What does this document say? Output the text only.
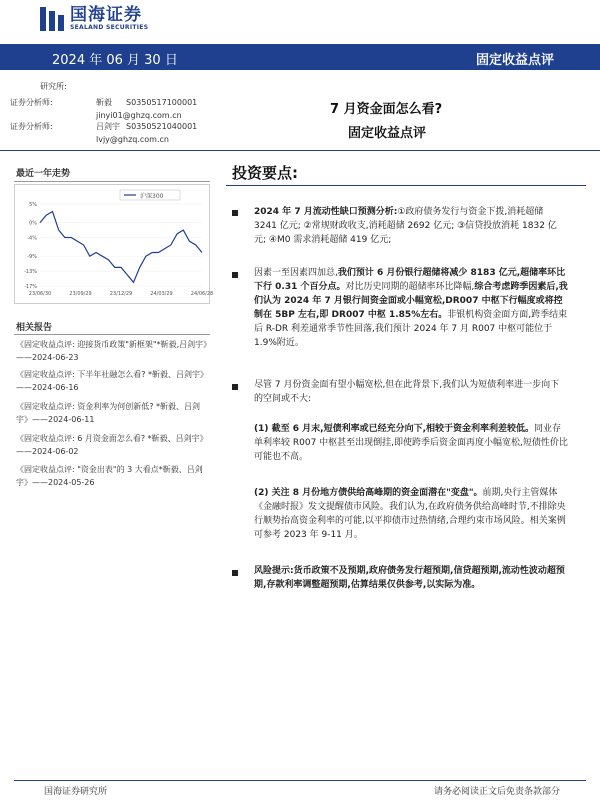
国海证券
SEALAND SECURITIES
2024 年 06 月 30 日	固定收益点评
研究所:
证券分析师:	靳毅 S0350517100001
jinyi01@ghzq.com.cn
证券分析师:	吕剑宇 S0350521040001
lvjy@ghzq.com.cn
7 月资金面怎么看?
固定收益点评
最近一年走势
5%
0%
-4%
-9%
-13%
-17%
23/06/30	23/09/29	23/12/29	24/03/29	24/06/28
沪深300
相关报告
《固定收益点评: 迎接货币政策"新框架"*靳毅,吕剑宇》——2024-06-23
《固定收益点评: 下半年社融怎么看? *靳毅、吕剑宇》——2024-06-16
《固定收益点评: 资金利率为何创新低? *靳毅、吕剑宇》——2024-06-11
《固定收益点评: 6 月资金面怎么看? *靳毅、吕剑宇》——2024-06-02
《固定收益点评: "资金出表"的 3 大看点*靳毅、吕剑宇》——2024-05-26
投资要点:
2024 年 7 月流动性缺口预测分析:①政府债务发行与资金下拨,消耗超储 3241 亿元; ②常规财政收支,消耗超储 2692 亿元; ③信贷投放消耗 1832 亿元; ④M0 需求消耗超储 419 亿元;
因素一至因素四加总,我们预计 6 月份银行超储将减少 8183 亿元,超储率环比下行 0.31 个百分点。对比历史同期的超储率环比降幅,综合考虑跨季因素后,我们认为 2024 年 7 月银行间资金面或小幅宽松,DR007 中枢下行幅度或将控制在 5BP 左右,即 DR007 中枢 1.85%左右。非银机构资金面方面,跨季结束后 R-DR 利差通常季节性回落,我们预计 2024 年 7 月 R007 中枢可能位于 1.9%附近。
尽管 7 月份资金面有望小幅宽松,但在此背景下,我们认为短债利率进一步向下的空间或不大:
(1) 截至 6 月末,短债利率或已经充分向下,相较于资金利率利差较低。同业存单利率较 R007 中枢甚至出现倒挂,即使跨季后资金面再度小幅宽松,短债性价比可能也不高。
(2) 关注 8 月份地方债供给高峰期的资金面潜在"变盘"。前期,央行主管媒体《金融时报》发文提醒债市风险。我们认为,在政府债务供给高峰时节,不排除央行顺势抬高资金利率的可能,以平抑债市过热情绪,合理约束市场风险。相关案例可参考 2023 年 9-11 月。
风险提示:货币政策不及预期,政府债务发行超预期,信贷超预期,流动性波动超预期,存款利率调整超预期,估算结果仅供参考,以实际为准。
国海证券研究所	请务必阅读正文后免责条款部分
